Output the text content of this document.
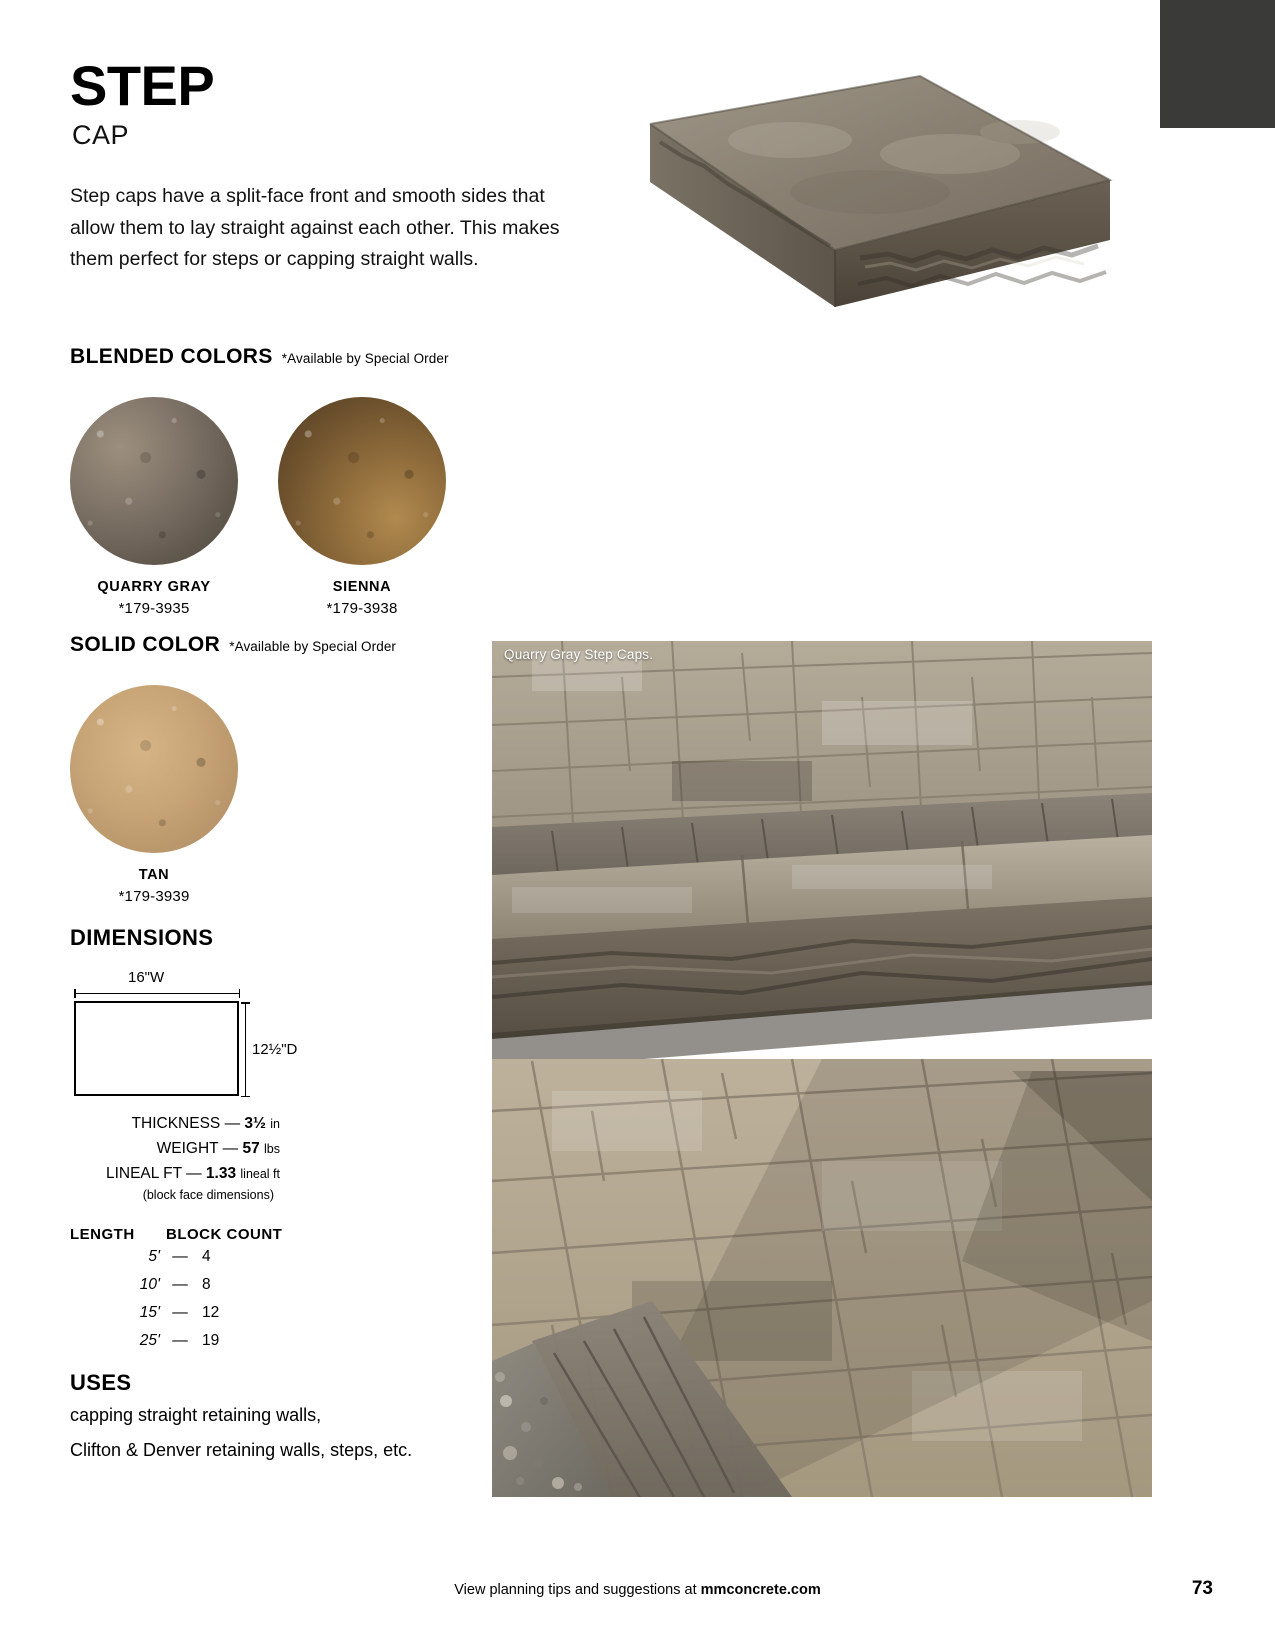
STEP
CAP

Step caps have a split-face front and smooth sides that allow them to lay straight against each other. This makes them perfect for steps or capping straight walls.

BLENDED COLORS *Available by Special Order
QUARRY GRAY
*179-3935
SIENNA
*179-3938
SOLID COLOR *Available by Special Order
TAN
*179-3939
DIMENSIONS
16"W
12½"D
THICKNESS — 3½ in
WEIGHT — 57 lbs
LINEAL FT — 1.33 lineal ft
(block face dimensions)
LENGTH	BLOCK COUNT
5' — 4
10' — 8
15' — 12
25' — 19
USES
capping straight retaining walls,
Clifton & Denver retaining walls, steps, etc.
Quarry Gray Step Caps.
View planning tips and suggestions at mmconcrete.com	73
